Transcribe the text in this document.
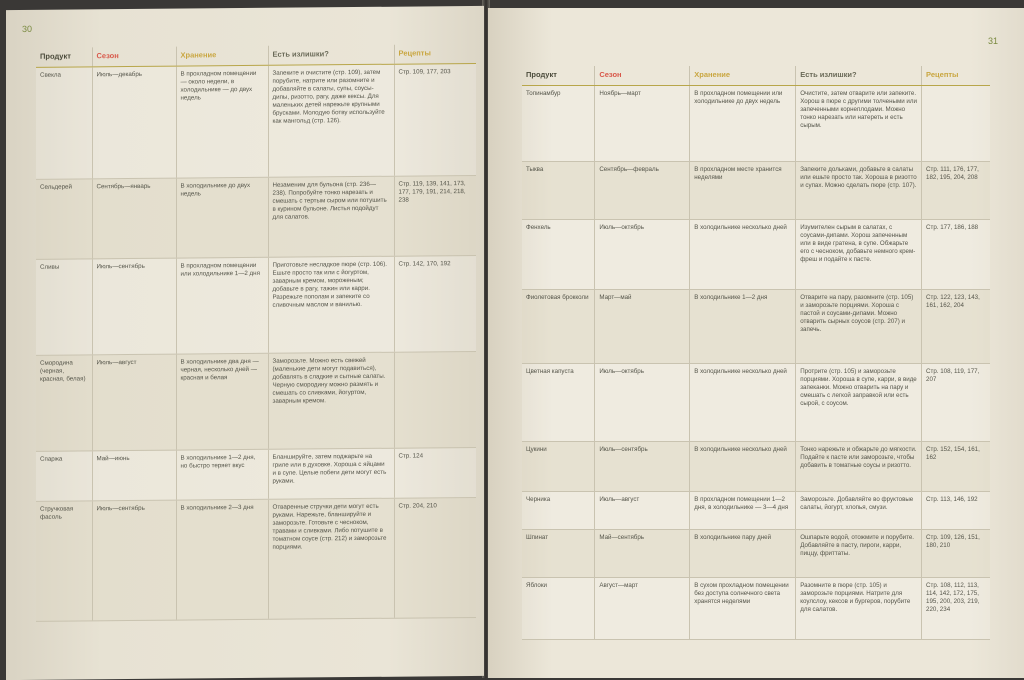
30
Продукт	Сезон	Хранение	Есть излишки?	Рецепты
Свекла	Июль—декабрь	В прохладном помещении — около недели, в холодильнике — до двух недель	Запеките и очистите (стр. 109), затем порубите, натрите или разомните и добавляйте в салаты, супы, соусы-дипы, ризотто, рагу, даже кексы. Для маленьких детей нарежьте крупными брусками. Молодую ботву используйте как мангольд (стр. 126).	Стр. 109, 177, 203
Сельдерей	Сентябрь—январь	В холодильнике до двух недель	Незаменим для бульона (стр. 236—238). Попробуйте тонко нарезать и смешать с тертым сыром или потушить в курином бульоне. Листья подойдут для салатов.	Стр. 119, 139, 141, 173, 177, 179, 191, 214, 218, 238
Сливы	Июль—сентябрь	В прохладном помещении или холодильнике 1—2 дня	Приготовьте несладкое пюре (стр. 106). Ешьте просто так или с йогуртом, заварным кремом, мороженым; добавьте в рагу, тажин или карри. Разрежьте пополам и запеките со сливочным маслом и ванилью.	Стр. 142, 170, 192
Смородина (черная, красная, белая)	Июль—август	В холодильнике два дня — черная, несколько дней — красная и белая	Заморозьте. Можно есть свежей (маленькие дети могут подавиться), добавлять в сладкие и сытные салаты. Черную смородину можно размять и смешать со сливками, йогуртом, заварным кремом.	
Спаржа	Май—июнь	В холодильнике 1—2 дня, но быстро теряет вкус	Бланшируйте, затем поджарьте на гриле или в духовке. Хороша с яйцами и в супе. Целые побеги дети могут есть руками.	Стр. 124
Стручковая фасоль	Июль—сентябрь	В холодильнике 2—3 дня	Отваренные стручки дети могут есть руками. Нарежьте, бланшируйте и заморозьте. Готовьте с чесноком, травами и сливками. Либо потушите в томатном соусе (стр. 212) и заморозьте порциями.	Стр. 204, 210
31
Продукт	Сезон	Хранение	Есть излишки?	Рецепты
Топинамбур	Ноябрь—март	В прохладном помещении или холодильнике до двух недель	Очистите, затем отварите или запеките. Хорош в пюре с другими толчеными или запеченными корнеплодами. Можно тонко нарезать или натереть и есть сырым.	
Тыква	Сентябрь—февраль	В прохладном месте хранится неделями	Запеките дольками, добавьте в салаты или ешьте просто так. Хороша в ризотто и супах. Можно сделать пюре (стр. 107).	Стр. 111, 176, 177, 182, 195, 204, 208
Фенхель	Июль—октябрь	В холодильнике несколько дней	Изумителен сырым в салатах, с соусами-дипами. Хорош запеченным или в виде гратена, в супе. Обжарьте его с чесноком, добавьте немного крем-фреш и подайте к пасте.	Стр. 177, 186, 188
Фиолетовая брокколи	Март—май	В холодильнике 1—2 дня	Отварите на пару, разомните (стр. 105) и заморозьте порциями. Хороша с пастой и соусами-дипами. Можно отварить сырных соусов (стр. 207) и запечь.	Стр. 122, 123, 143, 161, 162, 204
Цветная капуста	Июль—октябрь	В холодильнике несколько дней	Протрите (стр. 105) и заморозьте порциями. Хороша в супе, карри, в виде запеканки. Можно отварить на пару и смешать с легкой заправкой или есть сырой, с соусом.	Стр. 108, 119, 177, 207
Цукини	Июль—сентябрь	В холодильнике несколько дней	Тонко нарежьте и обжарьте до мягкости. Подайте к пасте или заморозьте, чтобы добавить в томатные соусы и ризотто.	Стр. 152, 154, 161, 162
Черника	Июль—август	В прохладном помещении 1—2 дня, в холодильнике — 3—4 дня	Заморозьте. Добавляйте во фруктовые салаты, йогурт, хлопья, смузи.	Стр. 113, 146, 192
Шпинат	Май—сентябрь	В холодильнике пару дней	Ошпарьте водой, отожмите и порубите. Добавляйте в пасту, пироги, карри, пиццу, фриттаты.	Стр. 109, 126, 151, 180, 210
Яблоки	Август—март	В сухом прохладном помещении без доступа солнечного света хранятся неделями	Разомните в пюре (стр. 105) и заморозьте порциями. Натрите для коулслоу, кексов и бургеров, порубите для салатов.	Стр. 108, 112, 113, 114, 142, 172, 175, 195, 200, 203, 219, 220, 234
